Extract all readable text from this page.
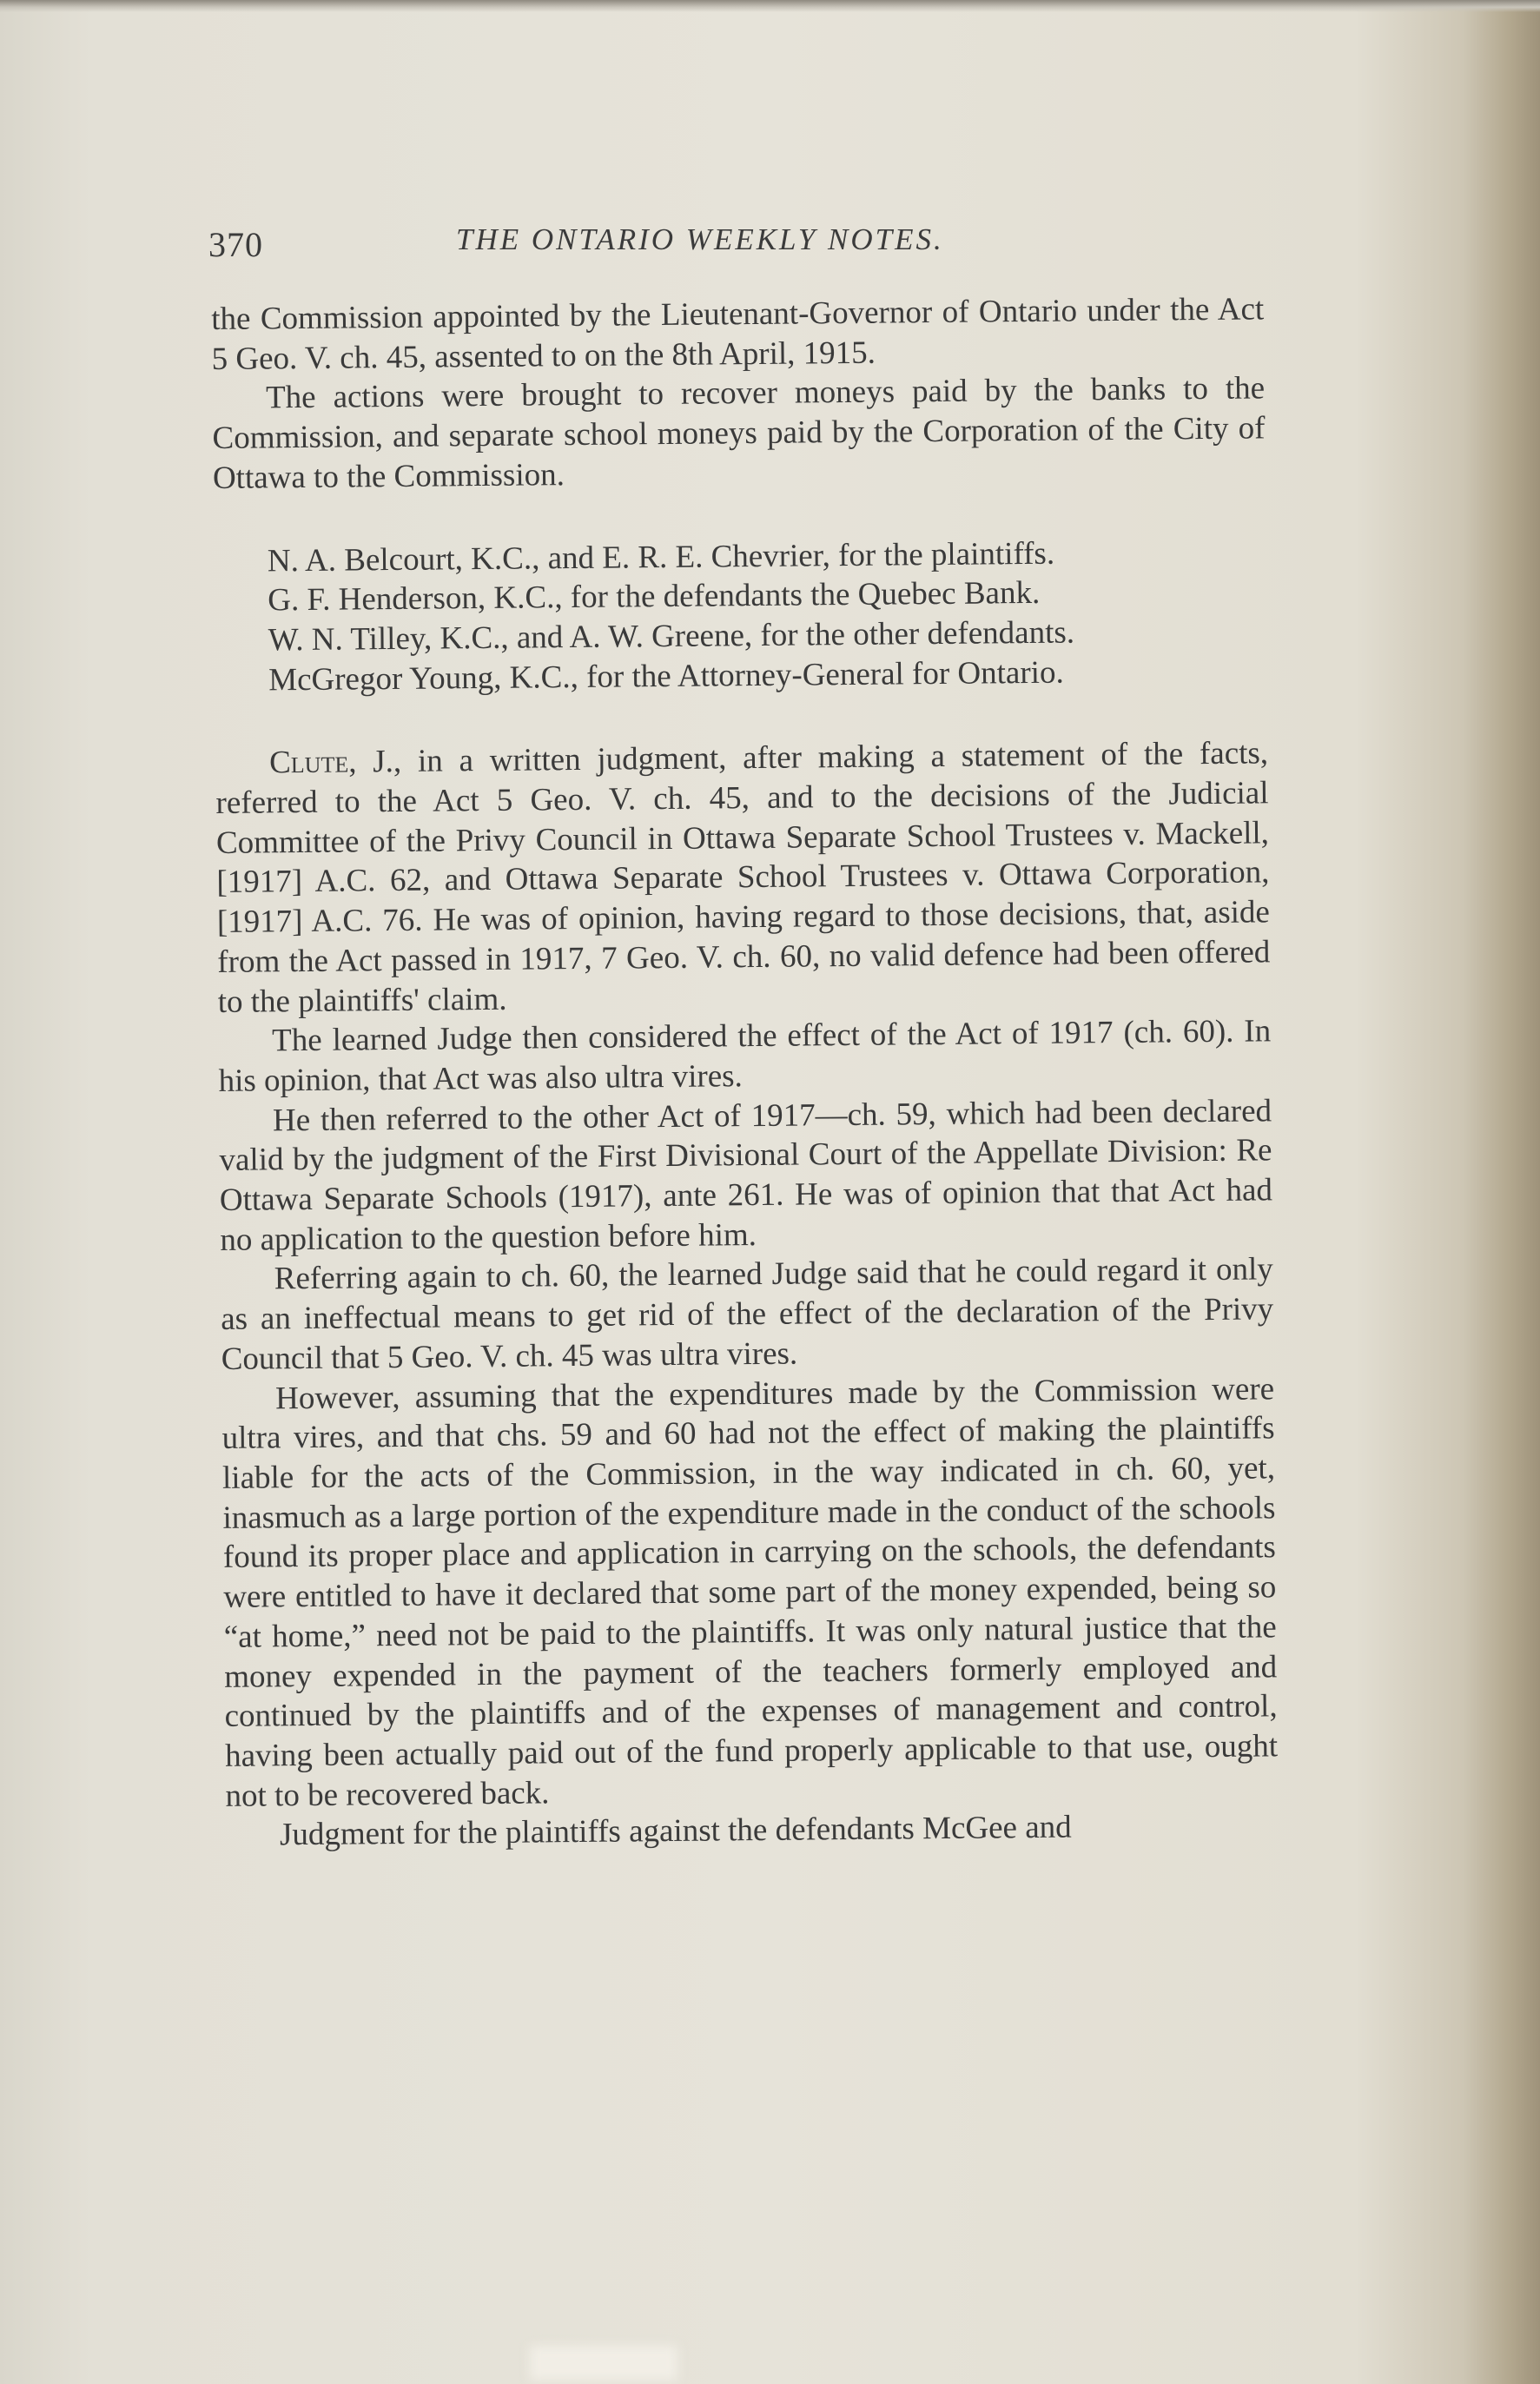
370	THE ONTARIO WEEKLY NOTES.

the Commission appointed by the Lieutenant-Governor of Ontario under the Act 5 Geo. V. ch. 45, assented to on the 8th April, 1915.

The actions were brought to recover moneys paid by the banks to the Commission, and separate school moneys paid by the Corporation of the City of Ottawa to the Commission.

N. A. Belcourt, K.C., and E. R. E. Chevrier, for the plaintiffs.
G. F. Henderson, K.C., for the defendants the Quebec Bank.
W. N. Tilley, K.C., and A. W. Greene, for the other defendants.
McGregor Young, K.C., for the Attorney-General for Ontario.

Clute, J., in a written judgment, after making a statement of the facts, referred to the Act 5 Geo. V. ch. 45, and to the decisions of the Judicial Committee of the Privy Council in Ottawa Separate School Trustees v. Mackell, [1917] A.C. 62, and Ottawa Separate School Trustees v. Ottawa Corporation, [1917] A.C. 76. He was of opinion, having regard to those decisions, that, aside from the Act passed in 1917, 7 Geo. V. ch. 60, no valid defence had been offered to the plaintiffs' claim.

The learned Judge then considered the effect of the Act of 1917 (ch. 60). In his opinion, that Act was also ultra vires.

He then referred to the other Act of 1917—ch. 59, which had been declared valid by the judgment of the First Divisional Court of the Appellate Division: Re Ottawa Separate Schools (1917), ante 261. He was of opinion that that Act had no application to the question before him.

Referring again to ch. 60, the learned Judge said that he could regard it only as an ineffectual means to get rid of the effect of the declaration of the Privy Council that 5 Geo. V. ch. 45 was ultra vires.

However, assuming that the expenditures made by the Commission were ultra vires, and that chs. 59 and 60 had not the effect of making the plaintiffs liable for the acts of the Commission, in the way indicated in ch. 60, yet, inasmuch as a large portion of the expenditure made in the conduct of the schools found its proper place and application in carrying on the schools, the defendants were entitled to have it declared that some part of the money expended, being so “at home,” need not be paid to the plaintiffs. It was only natural justice that the money expended in the payment of the teachers formerly employed and continued by the plaintiffs and of the expenses of management and control, having been actually paid out of the fund properly applicable to that use, ought not to be recovered back.

Judgment for the plaintiffs against the defendants McGee and
